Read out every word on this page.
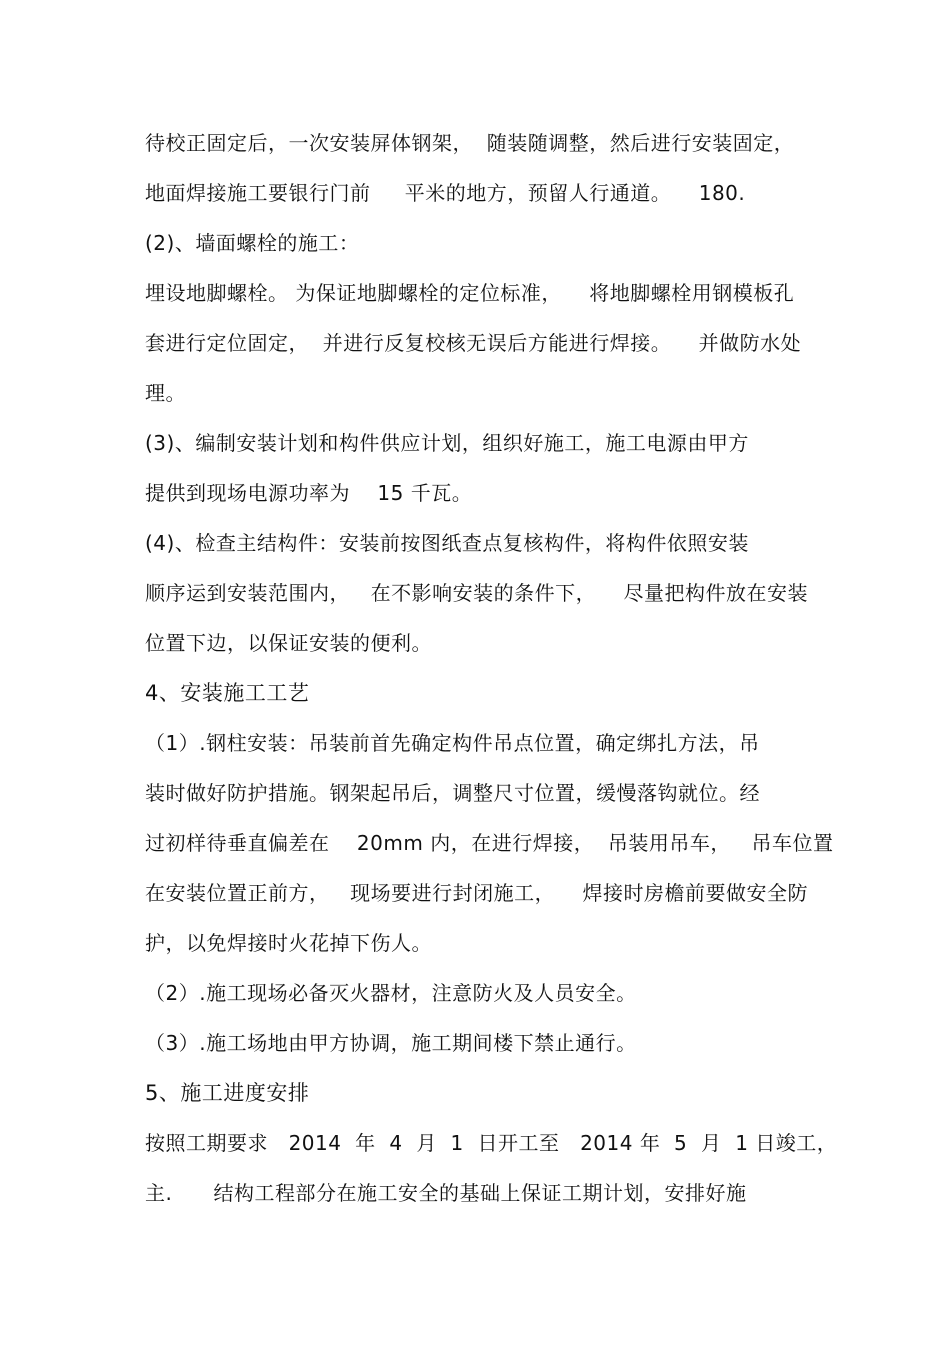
待校正固定后，一次安装屏体钢架，  随装随调整，然后进行安装固定，
地面焊接施工要银行门前     平米的地方，预留人行通道。    180.
(2)、墙面螺栓的施工：
埋设地脚螺栓。 为保证地脚螺栓的定位标准，    将地脚螺栓用钢模板孔
套进行定位固定，  并进行反复校核无误后方能进行焊接。    并做防水处
理。
(3)、编制安装计划和构件供应计划，组织好施工，施工电源由甲方
提供到现场电源功率为    15 千瓦。
(4)、检查主结构件：安装前按图纸查点复核构件，将构件依照安装
顺序运到安装范围内，   在不影响安装的条件下，    尽量把构件放在安装
位置下边，以保证安装的便利。
4、安装施工工艺
（1）.钢柱安装：吊装前首先确定构件吊点位置，确定绑扎方法，吊
装时做好防护措施。钢架起吊后，调整尺寸位置，缓慢落钩就位。经
过初样待垂直偏差在    20mm 内，在进行焊接，  吊装用吊车，   吊车位置
在安装位置正前方，   现场要进行封闭施工，    焊接时房檐前要做安全防
护，以免焊接时火花掉下伤人。
（2）.施工现场必备灭火器材，注意防火及人员安全。
（3）.施工场地由甲方协调，施工期间楼下禁止通行。
5、施工进度安排
按照工期要求   2014  年  4  月  1  日开工至   2014 年  5  月  1 日竣工，
主.      结构工程部分在施工安全的基础上保证工期计划，安排好施
